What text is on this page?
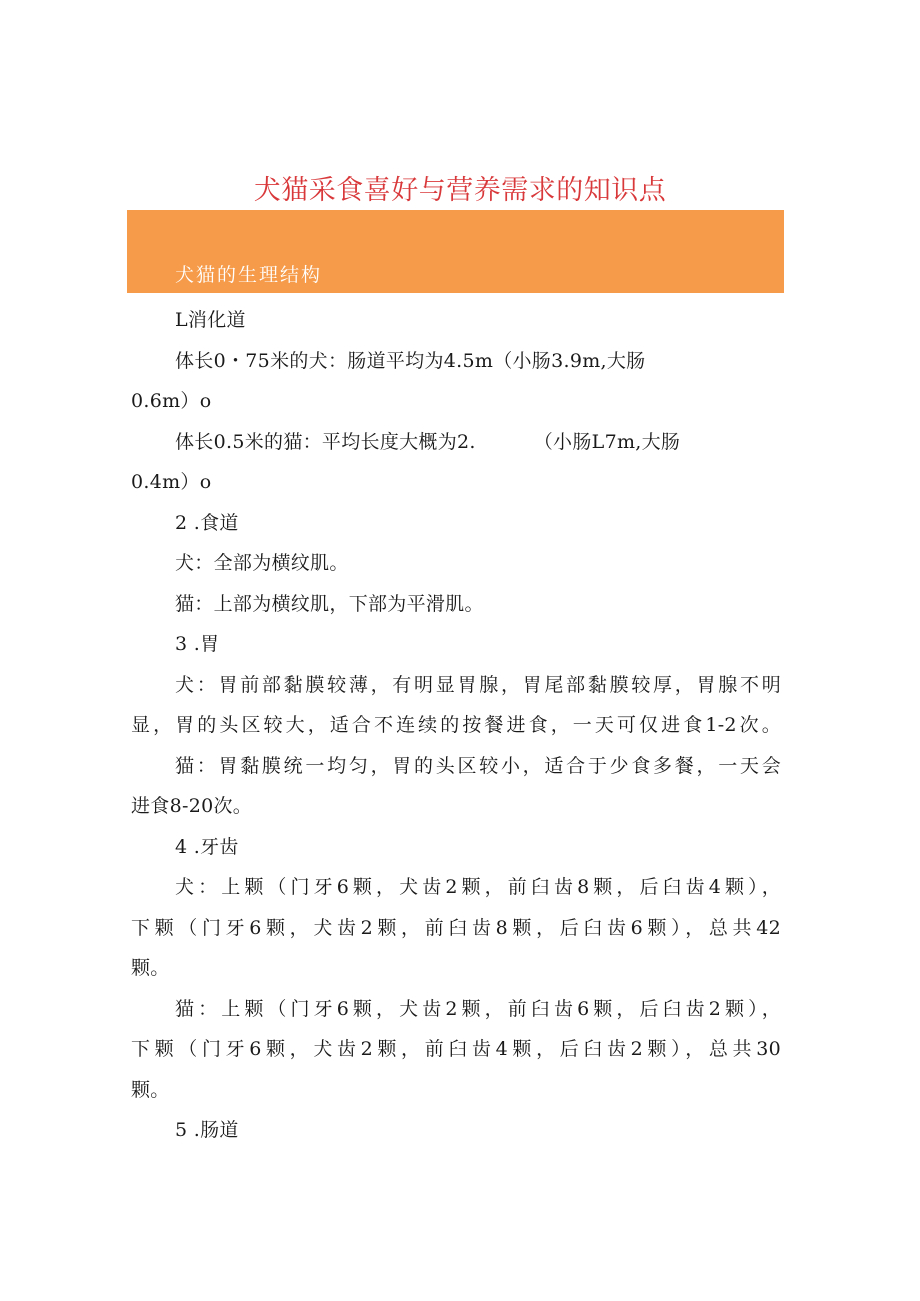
犬猫采食喜好与营养需求的知识点
犬猫的生理结构

L消化道

体长0・75米的犬：肠道平均为4.5m（小肠3.9m,大肠

0.6m）o

体长0.5米的猫：平均长度大概为2.	（小肠L7m,大肠

0.4m）o

2 .食道

犬：全部为横纹肌。

猫：上部为横纹肌，下部为平滑肌。

3 .胃

犬：胃前部黏膜较薄，有明显胃腺，胃尾部黏膜较厚，胃腺不明

显，胃的头区较大，适合不连续的按餐进食，一天可仅进食1-2次。

猫：胃黏膜统一均匀，胃的头区较小，适合于少食多餐，一天会

进食8-20次。

4 .牙齿

犬：上颗（门牙6颗，犬齿2颗，前臼齿8颗，后臼齿4颗），

下颗（门牙6颗，犬齿2颗，前臼齿8颗，后臼齿6颗），总共42

颗。

猫：上颗（门牙6颗，犬齿2颗，前臼齿6颗，后臼齿2颗），

下颗（门牙6颗，犬齿2颗，前臼齿4颗，后臼齿2颗），总共30

颗。

5 .肠道
